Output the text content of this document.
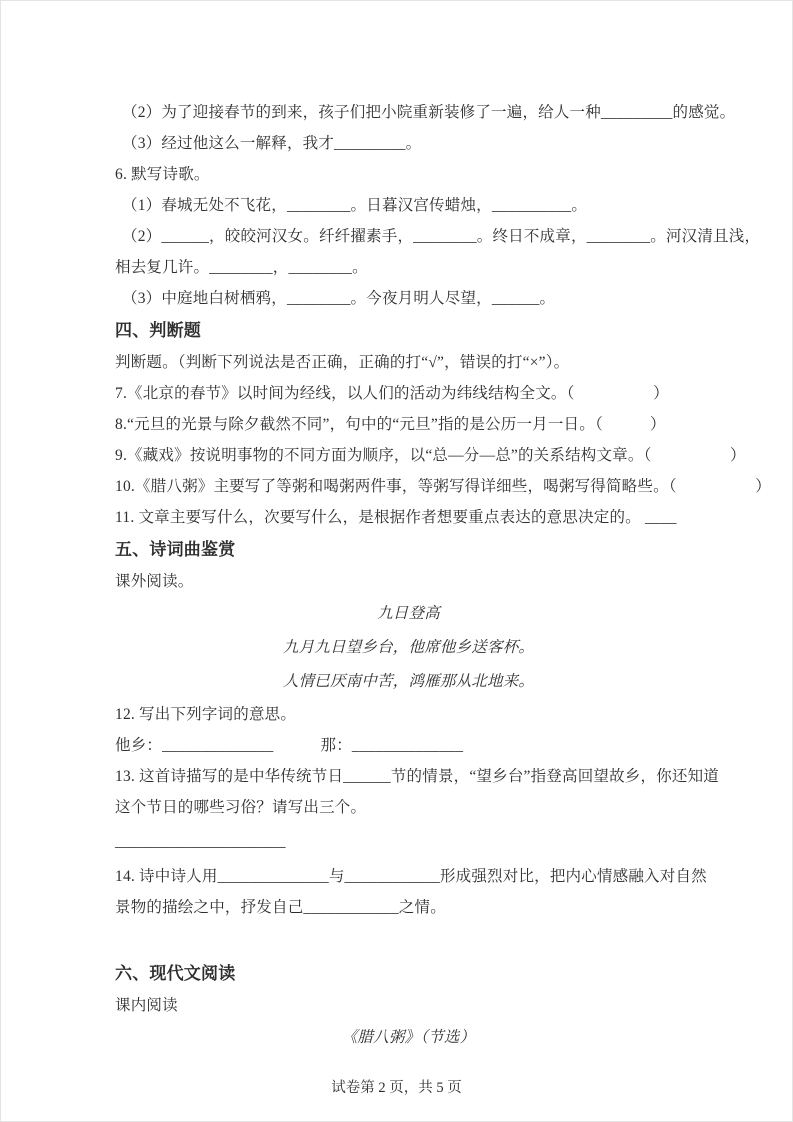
（2）为了迎接春节的到来，孩子们把小院重新装修了一遍，给人一种_________的感觉。
（3）经过他这么一解释，我才_________。
6. 默写诗歌。
（1）春城无处不飞花，________。日暮汉宫传蜡烛，__________。
（2）______，皎皎河汉女。纤纤擢素手，________。终日不成章，________。河汉清且浅，
相去复几许。________，________。
（3）中庭地白树栖鸦，________。今夜月明人尽望，______。
四、判断题
判断题。（判断下列说法是否正确，正确的打“√”，错误的打“×”）。
7.《北京的春节》以时间为经线，以人们的活动为纬线结构全文。（　　　　　）
8.“元旦的光景与除夕截然不同”，句中的“元旦”指的是公历一月一日。（　　　）
9.《藏戏》按说明事物的不同方面为顺序，以“总—分—总”的关系结构文章。（　　　　　）
10.《腊八粥》主要写了等粥和喝粥两件事，等粥写得详细些，喝粥写得简略些。（　　　　　）
11. 文章主要写什么，次要写什么，是根据作者想要重点表达的意思决定的。 ____
五、诗词曲鉴赏
课外阅读。
九日登高
九月九日望乡台，他席他乡送客杯。
人情已厌南中苦，鸿雁那从北地来。
12. 写出下列字词的意思。
他乡：______________　　　那：______________
13. 这首诗描写的是中华传统节日______节的情景，“望乡台”指登高回望故乡，你还知道
这个节日的哪些习俗？请写出三个。
______________________
14. 诗中诗人用______________与____________形成强烈对比，把内心情感融入对自然
景物的描绘之中，抒发自己____________之情。
六、现代文阅读
课内阅读
《腊八粥》（节选）
试卷第 2 页，共 5 页
